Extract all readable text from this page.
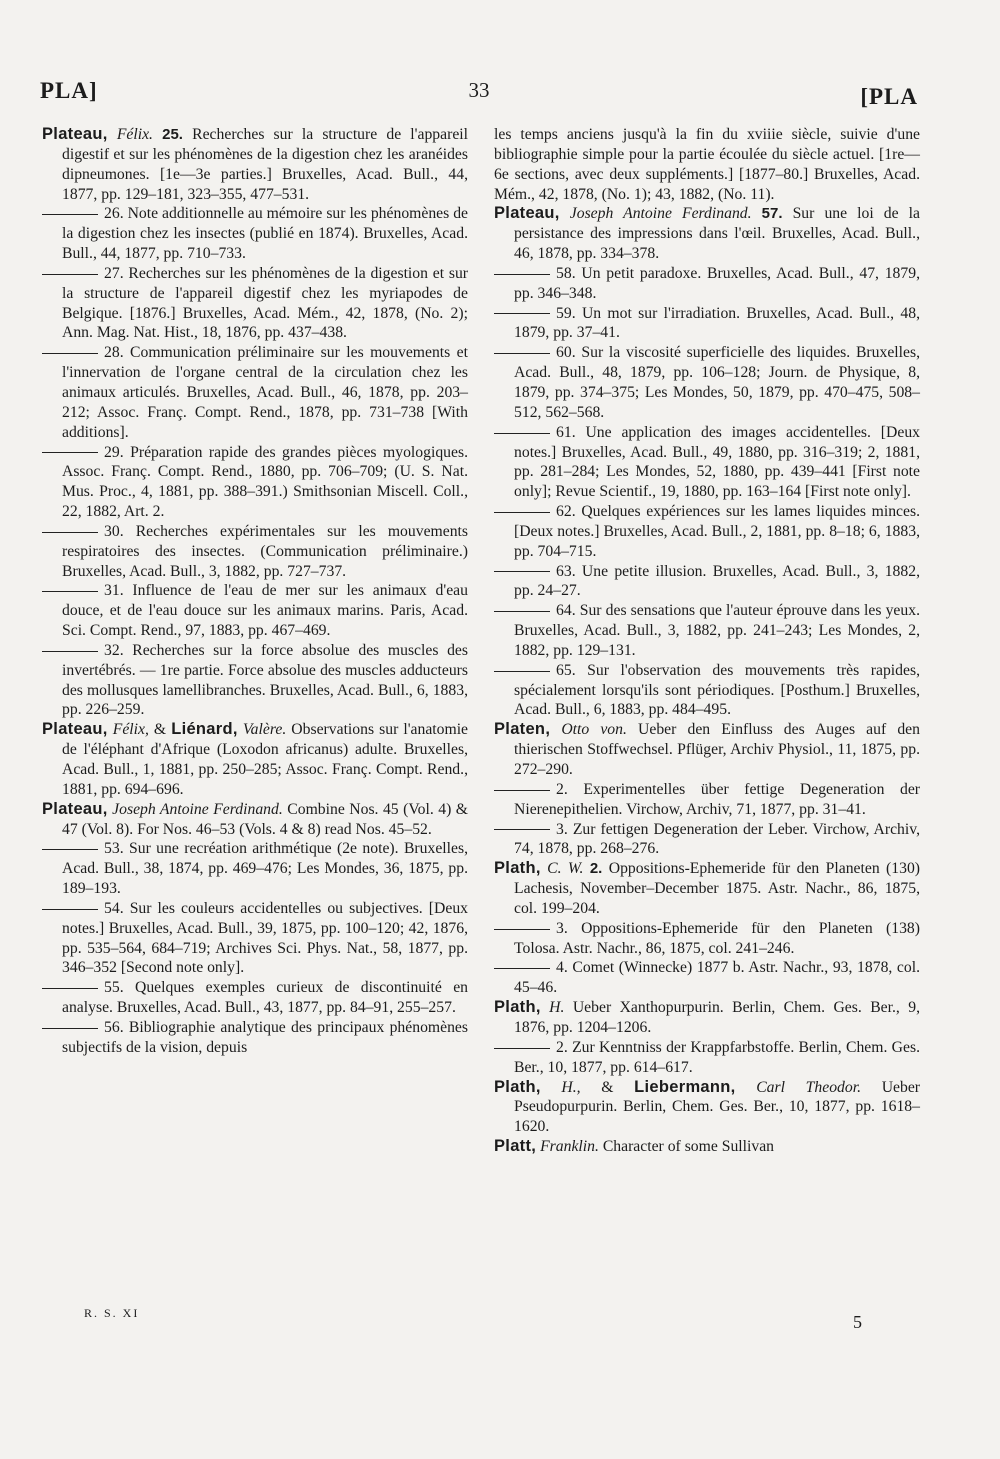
PLA]	33	[PLA

Plateau, Félix. 25. Recherches sur la structure de l'appareil digestif et sur les phénomènes de la digestion chez les aranéides dipneumones. [1e—3e parties.] Bruxelles, Acad. Bull., 44, 1877, pp. 129–181, 323–355, 477–531.

26. Note additionnelle au mémoire sur les phénomènes de la digestion chez les insectes (publié en 1874). Bruxelles, Acad. Bull., 44, 1877, pp. 710–733.

27. Recherches sur les phénomènes de la digestion et sur la structure de l'appareil digestif chez les myriapodes de Belgique. [1876.] Bruxelles, Acad. Mém., 42, 1878, (No. 2); Ann. Mag. Nat. Hist., 18, 1876, pp. 437–438.

28. Communication préliminaire sur les mouvements et l'innervation de l'organe central de la circulation chez les animaux articulés. Bruxelles, Acad. Bull., 46, 1878, pp. 203–212; Assoc. Franç. Compt. Rend., 1878, pp. 731–738 [With additions].

29. Préparation rapide des grandes pièces myologiques. Assoc. Franç. Compt. Rend., 1880, pp. 706–709; (U. S. Nat. Mus. Proc., 4, 1881, pp. 388–391.) Smithsonian Miscell. Coll., 22, 1882, Art. 2.

30. Recherches expérimentales sur les mouvements respiratoires des insectes. (Communication préliminaire.) Bruxelles, Acad. Bull., 3, 1882, pp. 727–737.

31. Influence de l'eau de mer sur les animaux d'eau douce, et de l'eau douce sur les animaux marins. Paris, Acad. Sci. Compt. Rend., 97, 1883, pp. 467–469.

32. Recherches sur la force absolue des muscles des invertébrés. — 1re partie. Force absolue des muscles adducteurs des mollusques lamellibranches. Bruxelles, Acad. Bull., 6, 1883, pp. 226–259.

Plateau, Félix, & Liénard, Valère. Observations sur l'anatomie de l'éléphant d'Afrique (Loxodon africanus) adulte. Bruxelles, Acad. Bull., 1, 1881, pp. 250–285; Assoc. Franç. Compt. Rend., 1881, pp. 694–696.

Plateau, Joseph Antoine Ferdinand. Combine Nos. 45 (Vol. 4) & 47 (Vol. 8). For Nos. 46–53 (Vols. 4 & 8) read Nos. 45–52.

53. Sur une recréation arithmétique (2e note). Bruxelles, Acad. Bull., 38, 1874, pp. 469–476; Les Mondes, 36, 1875, pp. 189–193.

54. Sur les couleurs accidentelles ou subjectives. [Deux notes.] Bruxelles, Acad. Bull., 39, 1875, pp. 100–120; 42, 1876, pp. 535–564, 684–719; Archives Sci. Phys. Nat., 58, 1877, pp. 346–352 [Second note only].

55. Quelques exemples curieux de discontinuité en analyse. Bruxelles, Acad. Bull., 43, 1877, pp. 84–91, 255–257.

56. Bibliographie analytique des principaux phénomènes subjectifs de la vision, depuis

les temps anciens jusqu'à la fin du xviiie siècle, suivie d'une bibliographie simple pour la partie écoulée du siècle actuel. [1re—6e sections, avec deux suppléments.] [1877–80.] Bruxelles, Acad. Mém., 42, 1878, (No. 1); 43, 1882, (No. 11).

Plateau, Joseph Antoine Ferdinand. 57. Sur une loi de la persistance des impressions dans l'œil. Bruxelles, Acad. Bull., 46, 1878, pp. 334–378.

58. Un petit paradoxe. Bruxelles, Acad. Bull., 47, 1879, pp. 346–348.

59. Un mot sur l'irradiation. Bruxelles, Acad. Bull., 48, 1879, pp. 37–41.

60. Sur la viscosité superficielle des liquides. Bruxelles, Acad. Bull., 48, 1879, pp. 106–128; Journ. de Physique, 8, 1879, pp. 374–375; Les Mondes, 50, 1879, pp. 470–475, 508–512, 562–568.

61. Une application des images accidentelles. [Deux notes.] Bruxelles, Acad. Bull., 49, 1880, pp. 316–319; 2, 1881, pp. 281–284; Les Mondes, 52, 1880, pp. 439–441 [First note only]; Revue Scientif., 19, 1880, pp. 163–164 [First note only].

62. Quelques expériences sur les lames liquides minces. [Deux notes.] Bruxelles, Acad. Bull., 2, 1881, pp. 8–18; 6, 1883, pp. 704–715.

63. Une petite illusion. Bruxelles, Acad. Bull., 3, 1882, pp. 24–27.

64. Sur des sensations que l'auteur éprouve dans les yeux. Bruxelles, Acad. Bull., 3, 1882, pp. 241–243; Les Mondes, 2, 1882, pp. 129–131.

65. Sur l'observation des mouvements très rapides, spécialement lorsqu'ils sont périodiques. [Posthum.] Bruxelles, Acad. Bull., 6, 1883, pp. 484–495.

Platen, Otto von. Ueber den Einfluss des Auges auf den thierischen Stoffwechsel. Pflüger, Archiv Physiol., 11, 1875, pp. 272–290.

2. Experimentelles über fettige Degeneration der Nierenepithelien. Virchow, Archiv, 71, 1877, pp. 31–41.

3. Zur fettigen Degeneration der Leber. Virchow, Archiv, 74, 1878, pp. 268–276.

Plath, C. W. 2. Oppositions-Ephemeride für den Planeten (130) Lachesis, November–December 1875. Astr. Nachr., 86, 1875, col. 199–204.

3. Oppositions-Ephemeride für den Planeten (138) Tolosa. Astr. Nachr., 86, 1875, col. 241–246.

4. Comet (Winnecke) 1877 b. Astr. Nachr., 93, 1878, col. 45–46.

Plath, H. Ueber Xanthopurpurin. Berlin, Chem. Ges. Ber., 9, 1876, pp. 1204–1206.

2. Zur Kenntniss der Krappfarbstoffe. Berlin, Chem. Ges. Ber., 10, 1877, pp. 614–617.

Plath, H., & Liebermann, Carl Theodor. Ueber Pseudopurpurin. Berlin, Chem. Ges. Ber., 10, 1877, pp. 1618–1620.

Platt, Franklin. Character of some Sullivan

R. S. XI	5
